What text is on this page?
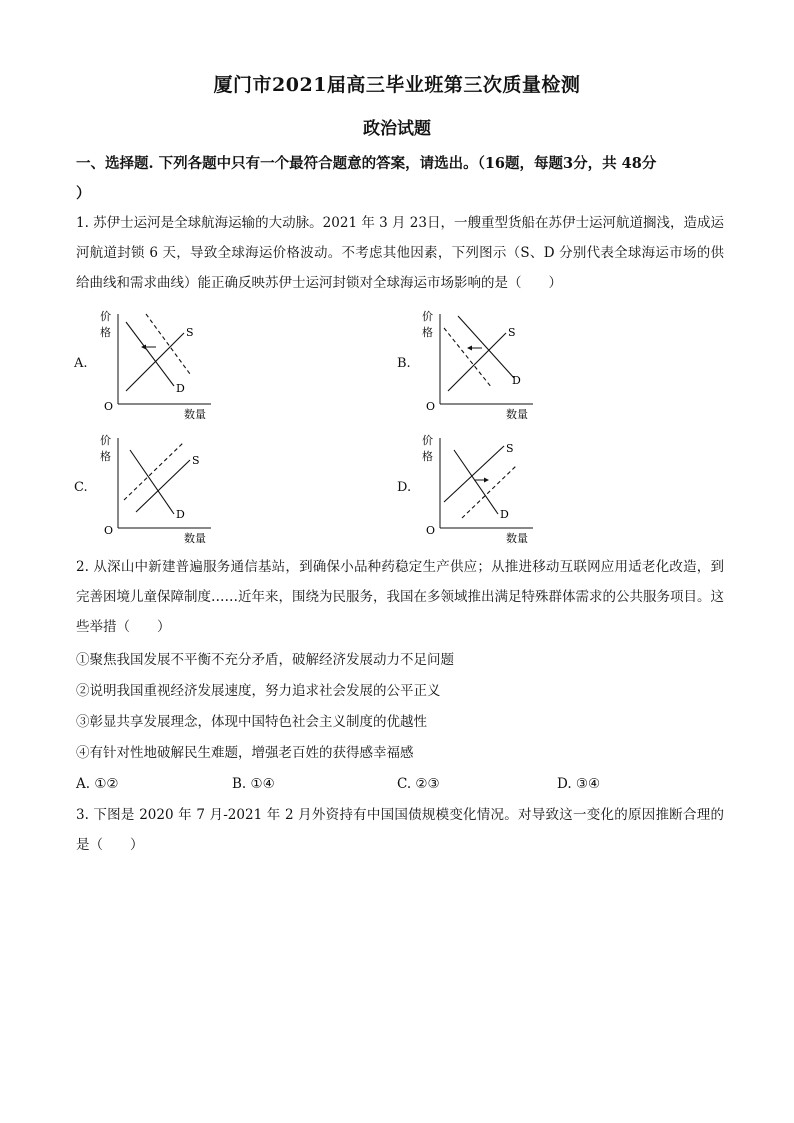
厦门市2021届高三毕业班第三次质量检测
政治试题
一、选择题. 下列各题中只有一个最符合题意的答案，请选出。（16题，每题3分，共 48分
）
1. 苏伊士运河是全球航海运输的大动脉。2021 年 3 月 23日，一艘重型货船在苏伊士运河航道搁浅，造成运河航道封锁 6 天，导致全球海运价格波动。不考虑其他因素，下列图示（S、D 分别代表全球海运市场的供给曲线和需求曲线）能正确反映苏伊士运河封锁对全球海运市场影响的是（　　）
A.
价
格
O
数量
S
D
B.
价
格
O
数量
S
D
C.
价
格
O
数量
S
D
D.
价
格
O
数量
S
D
2. 从深山中新建普遍服务通信基站，到确保小品种药稳定生产供应；从推进移动互联网应用适老化改造，到完善困境儿童保障制度……近年来，围绕为民服务，我国在多领域推出满足特殊群体需求的公共服务项目。这些举措（　　）
①聚焦我国发展不平衡不充分矛盾，破解经济发展动力不足问题
②说明我国重视经济发展速度，努力追求社会发展的公平正义
③彰显共享发展理念，体现中国特色社会主义制度的优越性
④有针对性地破解民生难题，增强老百姓的获得感幸福感
A. ①②	B. ①④	C. ②③	D. ③④
3. 下图是 2020 年 7 月-2021 年 2 月外资持有中国国债规模变化情况。对导致这一变化的原因推断合理的是（　　）
